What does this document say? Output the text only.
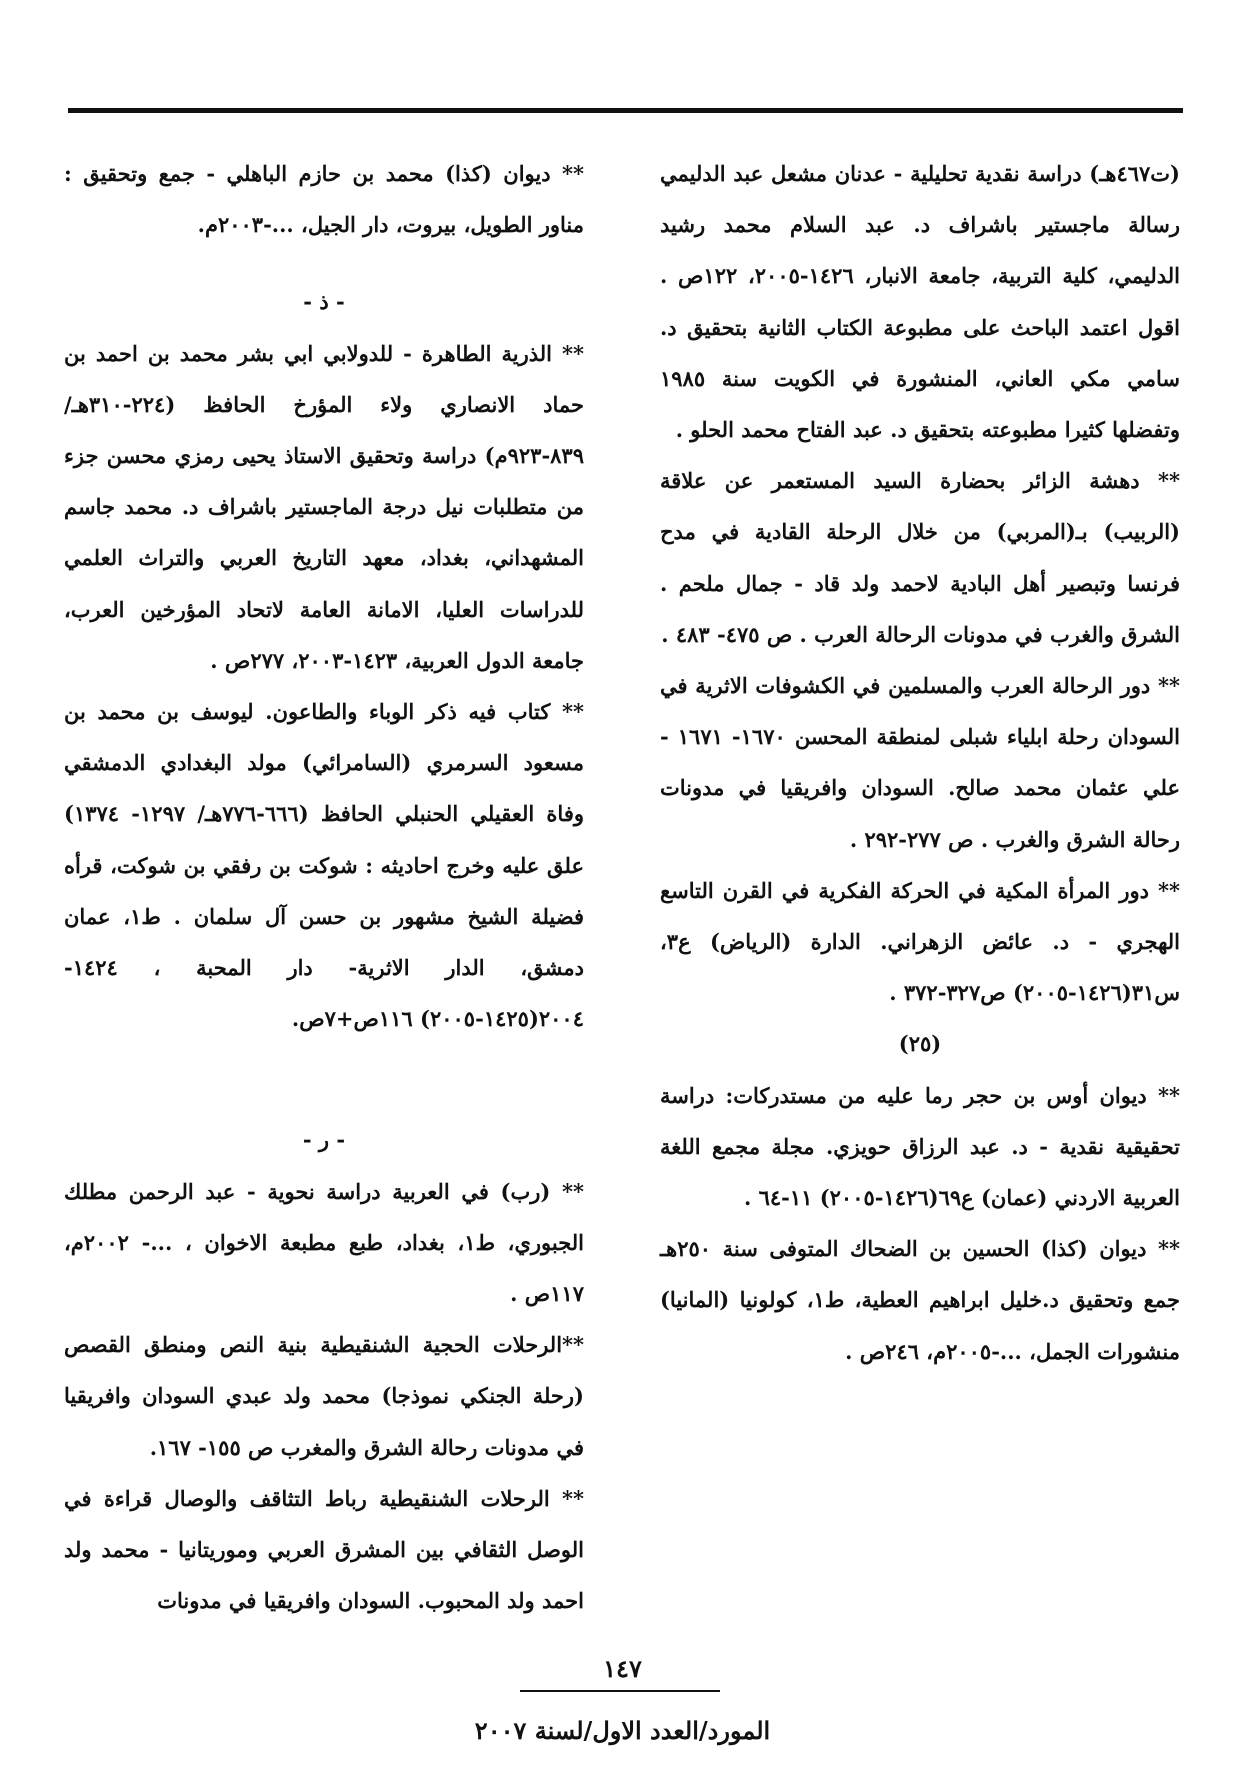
(ت٤٦٧هـ) دراسة نقدية تحليلية - عدنان مشعل عبد الدليمي رسالة ماجستير باشراف د. عبد السلام محمد رشيد الدليمي، كلية التربية، جامعة الانبار، ١٤٢٦-٢٠٠٥، ١٢٢ص . اقول اعتمد الباحث على مطبوعة الكتاب الثانية بتحقيق د. سامي مكي العاني، المنشورة في الكويت سنة ١٩٨٥ وتفضلها كثيرا مطبوعته بتحقيق د. عبد الفتاح محمد الحلو .

** دهشة الزائر بحضارة السيد المستعمر عن علاقة (الربيب) بـ(المربي) من خلال الرحلة القادية في مدح فرنسا وتبصير أهل البادية لاحمد ولد قاد - جمال ملحم . الشرق والغرب في مدونات الرحالة العرب . ص ٤٧٥- ٤٨٣ .

** دور الرحالة العرب والمسلمين في الكشوفات الاثرية في السودان رحلة ابلياء شبلى لمنطقة المحسن ١٦٧٠- ١٦٧١ - علي عثمان محمد صالح. السودان وافريقيا في مدونات رحالة الشرق والغرب . ص ٢٧٧-٢٩٢ .

** دور المرأة المكية في الحركة الفكرية في القرن التاسع الهجري - د. عائض الزهراني. الدارة (الرياض) ع٣، س٣١(١٤٢٦-٢٠٠٥) ص٣٢٧-٣٧٢ .

(٢٥)

** ديوان أوس بن حجر رما عليه من مستدركات: دراسة تحقيقية نقدية - د. عبد الرزاق حويزي. مجلة مجمع اللغة العربية الاردني (عمان) ع٦٩(١٤٢٦-٢٠٠٥) ١١-٦٤ .

** ديوان (كذا) الحسين بن الضحاك المتوفى سنة ٢٥٠هـ جمع وتحقيق د.خليل ابراهيم العطية، ط١، كولونيا (المانيا) منشورات الجمل، ...-٢٠٠٥م، ٢٤٦ص .

** ديوان (كذا) محمد بن حازم الباهلي - جمع وتحقيق : مناور الطويل، بيروت، دار الجيل، ...-٢٠٠٣م.

- ذ -

** الذرية الطاهرة - للدولابي ابي بشر محمد بن احمد بن حماد الانصاري ولاء المؤرخ الحافظ (٢٢٤-٣١٠هـ/ ٨٣٩-٩٢٣م) دراسة وتحقيق الاستاذ يحيى رمزي محسن جزء من متطلبات نيل درجة الماجستير باشراف د. محمد جاسم المشهداني، بغداد، معهد التاريخ العربي والتراث العلمي للدراسات العليا، الامانة العامة لاتحاد المؤرخين العرب، جامعة الدول العربية، ١٤٢٣-٢٠٠٣، ٢٧٧ص .

** كتاب فيه ذكر الوباء والطاعون. ليوسف بن محمد بن مسعود السرمري (السامرائي) مولد البغدادي الدمشقي وفاة العقيلي الحنبلي الحافظ (٦٦٦-٧٧٦هـ/ ١٢٩٧- ١٣٧٤) علق عليه وخرج احاديثه : شوكت بن رفقي بن شوكت، قرأه فضيلة الشيخ مشهور بن حسن آل سلمان . ط١، عمان دمشق، الدار الاثرية- دار المحبة ، ١٤٢٤- ٢٠٠٤(١٤٢٥-٢٠٠٥) ١١٦ص+٧ص.

- ر -

** (رب) في العربية دراسة نحوية - عبد الرحمن مطلك الجبوري، ط١، بغداد، طبع مطبعة الاخوان ، ...- ٢٠٠٢م، ١١٧ص .

**الرحلات الحجية الشنقيطية بنية النص ومنطق القصص (رحلة الجنكي نموذجا) محمد ولد عبدي السودان وافريقيا في مدونات رحالة الشرق والمغرب ص ١٥٥- ١٦٧.

** الرحلات الشنقيطية رباط التثاقف والوصال قراءة في الوصل الثقافي بين المشرق العربي وموريتانيا - محمد ولد احمد ولد المحبوب. السودان وافريقيا في مدونات

١٤٧
المورد/العدد الاول/لسنة ٢٠٠٧
